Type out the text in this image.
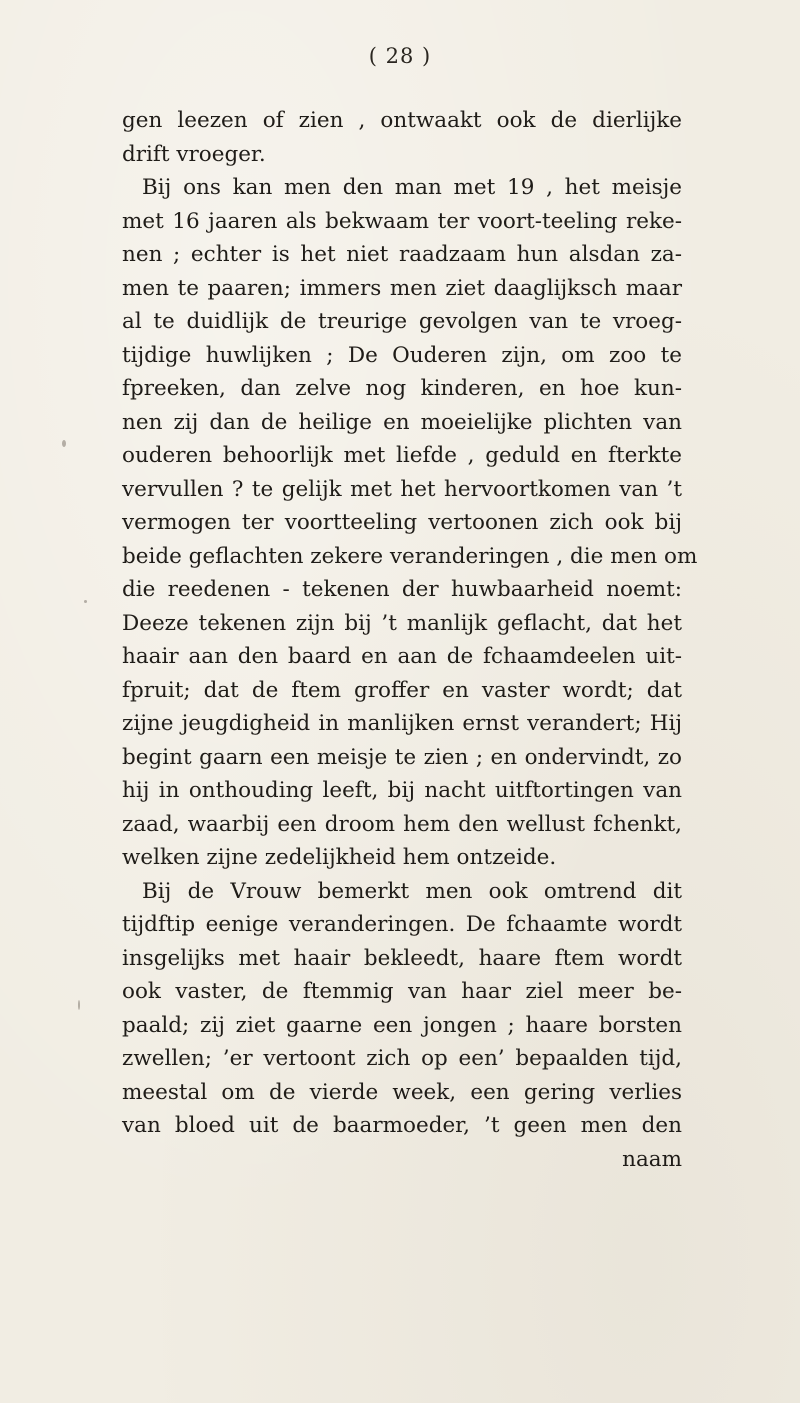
( 28 )
gen leezen of zien , ontwaakt ook de dierlijke
drift vroeger.
Bij ons kan men den man met 19 , het meisje
met 16 jaaren als bekwaam ter voort-teeling reke-
nen ; echter is het niet raadzaam hun alsdan za-
men te paaren; immers men ziet daaglijksch maar
al te duidlijk de treurige gevolgen van te vroeg-
tijdige huwlijken ; De Ouderen zijn, om zoo te
fpreeken, dan zelve nog kinderen, en hoe kun-
nen zij dan de heilige en moeielijke plichten van
ouderen behoorlijk met liefde , geduld en fterkte
vervullen ? te gelijk met het hervoortkomen van ’t
vermogen ter voortteeling vertoonen zich ook bij
beide geflachten zekere veranderingen , die men om
die reedenen - tekenen der huwbaarheid noemt:
Deeze tekenen zijn bij ’t manlijk geflacht, dat het
haair aan den baard en aan de fchaamdeelen uit-
fpruit; dat de ftem groffer en vaster wordt; dat
zijne jeugdigheid in manlijken ernst verandert; Hij
begint gaarn een meisje te zien ; en ondervindt, zo
hij in onthouding leeft, bij nacht uitftortingen van
zaad, waarbij een droom hem den wellust fchenkt,
welken zijne zedelijkheid hem ontzeide.
Bij de Vrouw bemerkt men ook omtrend dit
tijdftip eenige veranderingen. De fchaamte wordt
insgelijks met haair bekleedt, haare ftem wordt
ook vaster, de ftemmig van haar ziel meer be-
paald; zij ziet gaarne een jongen ; haare borsten
zwellen; ’er vertoont zich op een’ bepaalden tijd,
meestal om de vierde week, een gering verlies
van bloed uit de baarmoeder, ’t geen men den
naam
